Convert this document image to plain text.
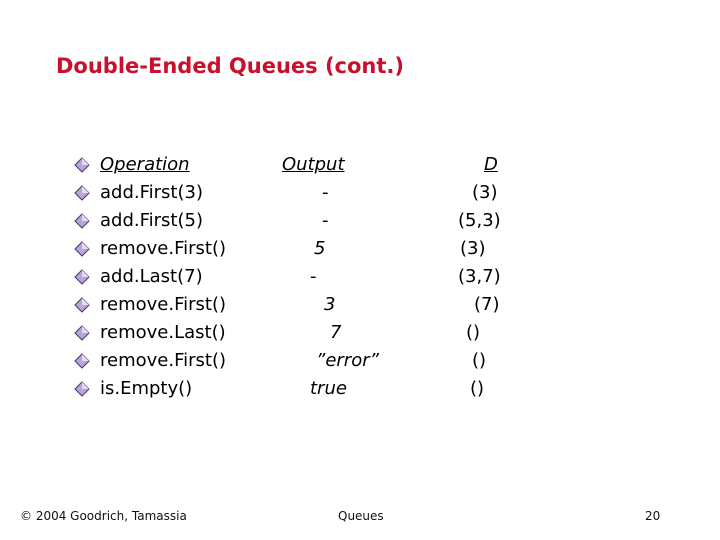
Double-Ended Queues (cont.)
Operation	Output	D
add.First(3)	-	(3)
add.First(5)	-	(5,3)
remove.First()	5	(3)
add.Last(7)	-	(3,7)
remove.First()	3	(7)
remove.Last()	7	()
remove.First()	”error”	()
is.Empty()	true	()
© 2004 Goodrich, Tamassia	Queues	20
